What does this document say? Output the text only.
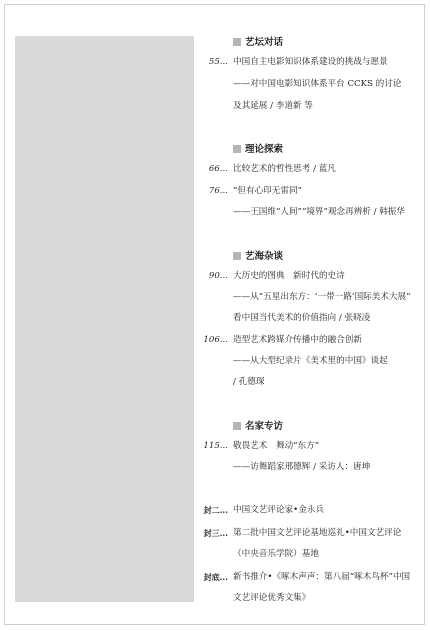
艺坛对话
55... 中国自主电影知识体系建设的挑战与愿景
——对中国电影知识体系平台 CCKS 的讨论
及其延展 / 李道新 等
理论探索
66... 比较艺术的哲性思考 / 蓝凡
76... “但有心印无雷同”
——王国维“人间”“境界”观念再辨析 / 韩振华
艺海杂谈
90... 大历史的图典　新时代的史诗
——从“五星出东方：‘一带一路’国际美术大展”
看中国当代美术的价值指向 / 张晓凌
106... 造型艺术跨媒介传播中的融合创新
——从大型纪录片《美术里的中国》谈起
/ 孔德琛
名家专访
115... 敬畏艺术　舞动“东方”
——访舞蹈家邢德辉 / 采访人：唐坤
封二... 中国文艺评论家•金永兵
封三... 第二批中国文艺评论基地巡礼•中国文艺评论
（中央音乐学院）基地
封底... 新书推介•《啄木声声：第八届“啄木鸟杯”中国
文艺评论优秀文集》
